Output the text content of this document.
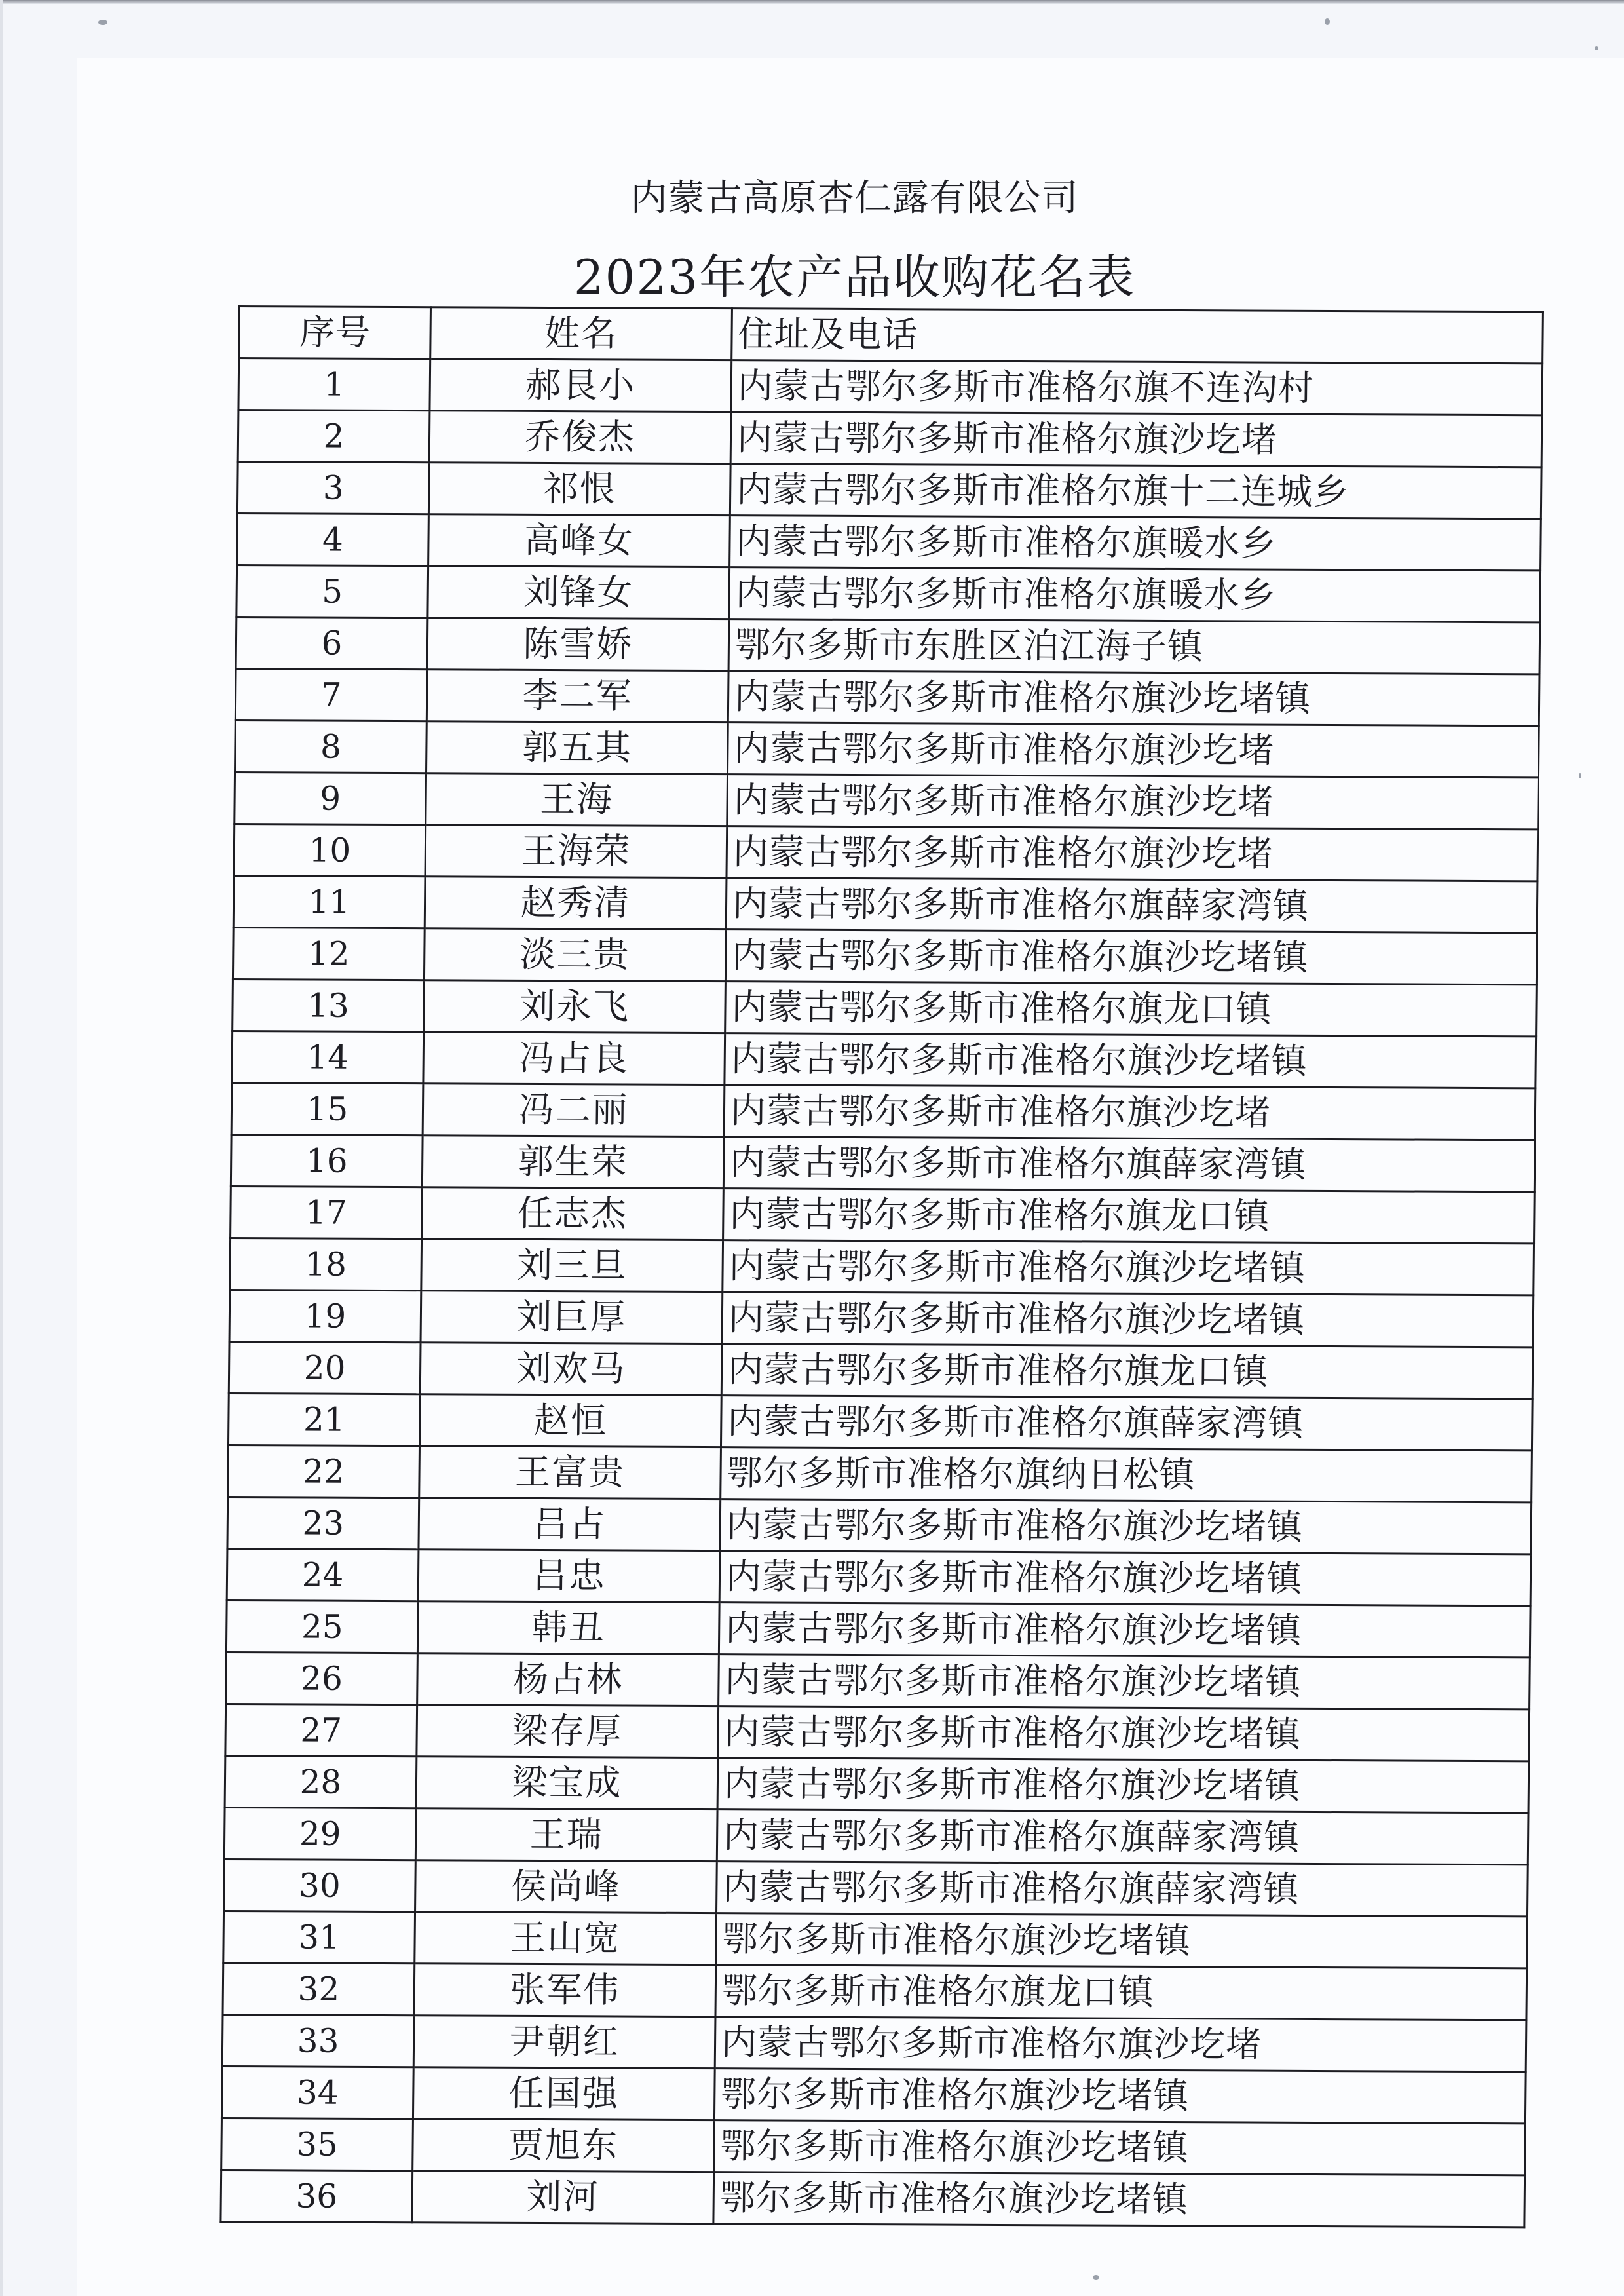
内蒙古高原杏仁露有限公司
2023年农产品收购花名表
序号	姓名	住址及电话
1	郝艮小	内蒙古鄂尔多斯市准格尔旗不连沟村
2	乔俊杰	内蒙古鄂尔多斯市准格尔旗沙圪堵
3	祁恨	内蒙古鄂尔多斯市准格尔旗十二连城乡
4	高峰女	内蒙古鄂尔多斯市准格尔旗暖水乡
5	刘锋女	内蒙古鄂尔多斯市准格尔旗暖水乡
6	陈雪娇	鄂尔多斯市东胜区泊江海子镇
7	李二军	内蒙古鄂尔多斯市准格尔旗沙圪堵镇
8	郭五其	内蒙古鄂尔多斯市准格尔旗沙圪堵
9	王海	内蒙古鄂尔多斯市准格尔旗沙圪堵
10	王海荣	内蒙古鄂尔多斯市准格尔旗沙圪堵
11	赵秀清	内蒙古鄂尔多斯市准格尔旗薛家湾镇
12	淡三贵	内蒙古鄂尔多斯市准格尔旗沙圪堵镇
13	刘永飞	内蒙古鄂尔多斯市准格尔旗龙口镇
14	冯占良	内蒙古鄂尔多斯市准格尔旗沙圪堵镇
15	冯二丽	内蒙古鄂尔多斯市准格尔旗沙圪堵
16	郭生荣	内蒙古鄂尔多斯市准格尔旗薛家湾镇
17	任志杰	内蒙古鄂尔多斯市准格尔旗龙口镇
18	刘三旦	内蒙古鄂尔多斯市准格尔旗沙圪堵镇
19	刘巨厚	内蒙古鄂尔多斯市准格尔旗沙圪堵镇
20	刘欢马	内蒙古鄂尔多斯市准格尔旗龙口镇
21	赵恒	内蒙古鄂尔多斯市准格尔旗薛家湾镇
22	王富贵	鄂尔多斯市准格尔旗纳日松镇
23	吕占	内蒙古鄂尔多斯市准格尔旗沙圪堵镇
24	吕忠	内蒙古鄂尔多斯市准格尔旗沙圪堵镇
25	韩丑	内蒙古鄂尔多斯市准格尔旗沙圪堵镇
26	杨占林	内蒙古鄂尔多斯市准格尔旗沙圪堵镇
27	梁存厚	内蒙古鄂尔多斯市准格尔旗沙圪堵镇
28	梁宝成	内蒙古鄂尔多斯市准格尔旗沙圪堵镇
29	王瑞	内蒙古鄂尔多斯市准格尔旗薛家湾镇
30	侯尚峰	内蒙古鄂尔多斯市准格尔旗薛家湾镇
31	王山宽	鄂尔多斯市准格尔旗沙圪堵镇
32	张军伟	鄂尔多斯市准格尔旗龙口镇
33	尹朝红	内蒙古鄂尔多斯市准格尔旗沙圪堵
34	任国强	鄂尔多斯市准格尔旗沙圪堵镇
35	贾旭东	鄂尔多斯市准格尔旗沙圪堵镇
36	刘河	鄂尔多斯市准格尔旗沙圪堵镇
